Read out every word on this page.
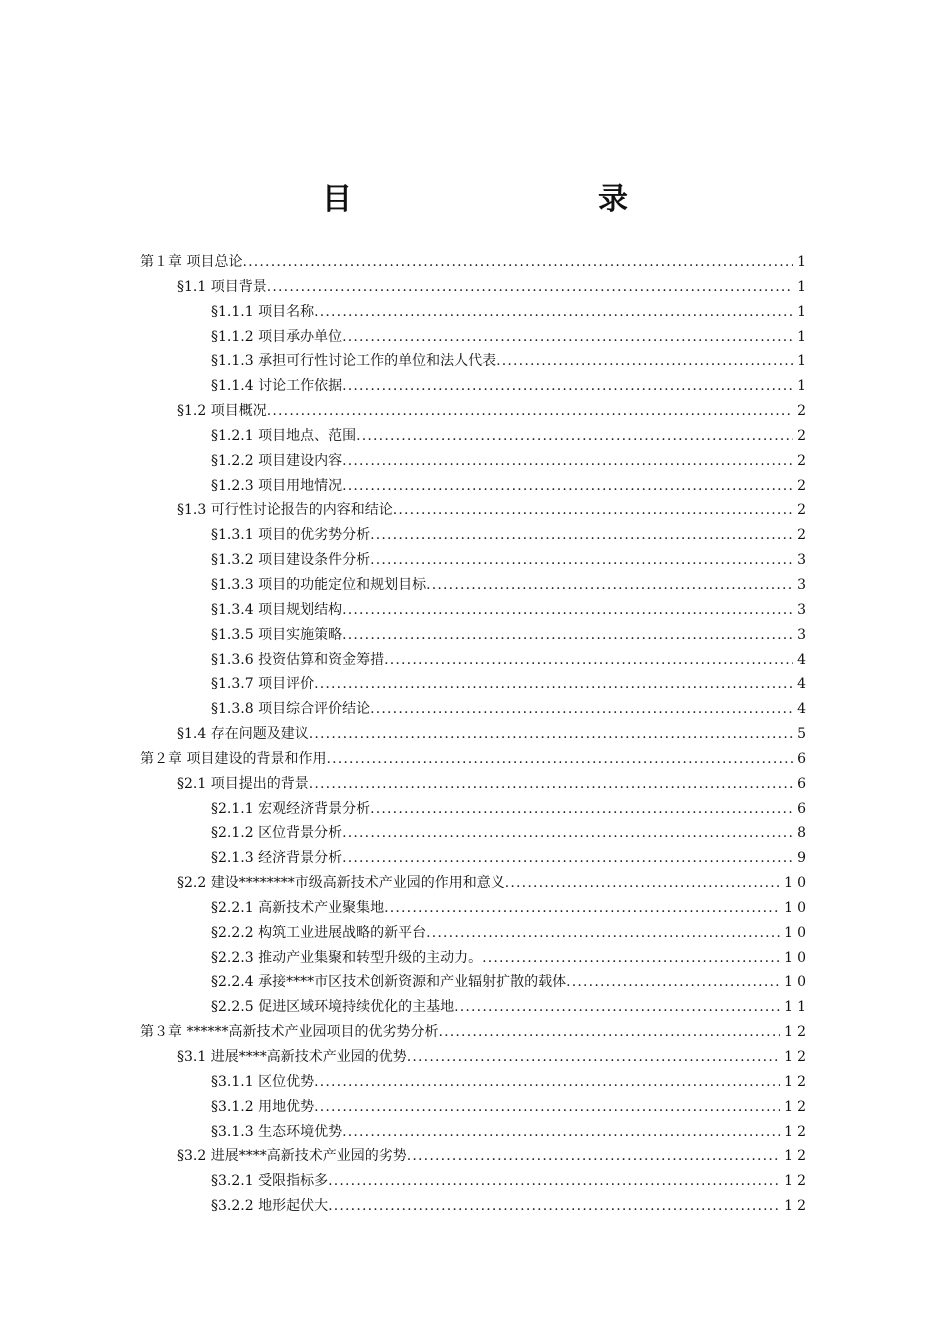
目　　录
第１章 项目总论 .....	1
§1.1 项目背景 .....	1
§1.1.1 项目名称 .....	1
§1.1.2 项目承办单位 .....	1
§1.1.3 承担可行性讨论工作的单位和法人代表 .....	1
§1.1.4 讨论工作依据 .....	1
§1.2 项目概况 .....	2
§1.2.1 项目地点、范围 .....	2
§1.2.2 项目建设内容 .....	2
§1.2.3 项目用地情况 .....	2
§1.3 可行性讨论报告的内容和结论 .....	2
§1.3.1 项目的优劣势分析 .....	2
§1.3.2 项目建设条件分析 .....	3
§1.3.3 项目的功能定位和规划目标 .....	3
§1.3.4 项目规划结构 .....	3
§1.3.5 项目实施策略 .....	3
§1.3.6 投资估算和资金筹措 .....	4
§1.3.7 项目评价 .....	4
§1.3.8 项目综合评价结论 .....	4
§1.4 存在问题及建议 .....	5
第２章 项目建设的背景和作用 .....	6
§2.1 项目提出的背景 .....	6
§2.1.1 宏观经济背景分析 .....	6
§2.1.2 区位背景分析 .....	8
§2.1.3 经济背景分析 .....	9
§2.2 建设********市级高新技术产业园的作用和意义 .....	10
§2.2.1 高新技术产业聚集地 .....	10
§2.2.2 构筑工业进展战略的新平台 .....	10
§2.2.3 推动产业集聚和转型升级的主动力。 .....	10
§2.2.4 承接****市区技术创新资源和产业辐射扩散的载体 .....	10
§2.2.5 促进区域环境持续优化的主基地 .....	11
第３章 ******高新技术产业园项目的优劣势分析 .....	12
§3.1 进展****高新技术产业园的优势 .....	12
§3.1.1 区位优势 .....	12
§3.1.2 用地优势 .....	12
§3.1.3 生态环境优势 .....	12
§3.2 进展****高新技术产业园的劣势 .....	12
§3.2.1 受限指标多 .....	12
§3.2.2 地形起伏大 .....	12
